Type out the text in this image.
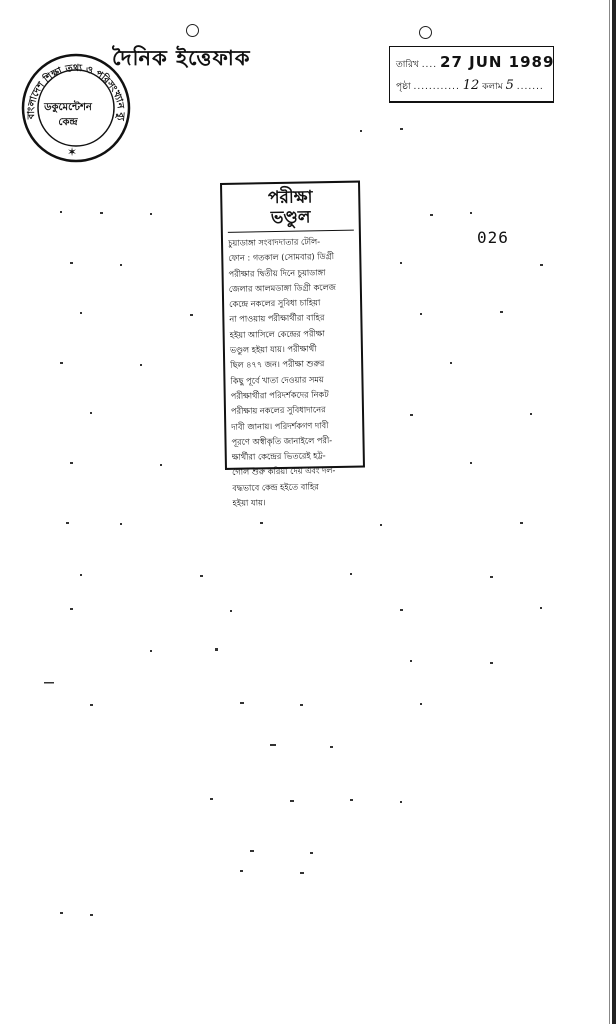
বাংলাদেশ শিক্ষা তথ্য ও পরিসংখ্যান ব্যু
✶
ডকুমেন্টেশন
কেন্দ্র
দৈনিক ইত্তেফাক	তারিখ .... 27 JUN 1989
পৃষ্ঠা ............ 12 কলাম 5 .......
026
পরীক্ষা
ভণ্ডুল
চুয়াডাঙ্গা সংবাদদাতার টেলি-
ফোন : গতকাল (সোমবার) ডিগ্রী
পরীক্ষার দ্বিতীয় দিনে চুয়াডাঙ্গা
জেলার আলমডাঙ্গা ডিগ্রী কলেজ
কেন্দ্রে নকলের সুবিধা চাহিয়া
না পাওয়ায় পরীক্ষার্থীরা বাহির
হইয়া আসিলে কেন্দ্রের পরীক্ষা
ভণ্ডুল হইয়া যায়। পরীক্ষার্থী
ছিল ৪৭৭ জন। পরীক্ষা শুরুর
কিছু পূর্বে খাতা দেওয়ার সময়
পরীক্ষার্থীরা পরিদর্শকদের নিকট
পরীক্ষায় নকলের সুবিধাদানের
দাবী জানায়। পরিদর্শকগণ দাবী
পূরণে অস্বীকৃতি জানাইলে পরী-
ক্ষার্থীরা কেন্দ্রের ভিতরেই হট্ট-
গোল শুরু করিয়া দেয় এবং দল-
বদ্ধভাবে কেন্দ্র হইতে বাহির
হইয়া যায়।
